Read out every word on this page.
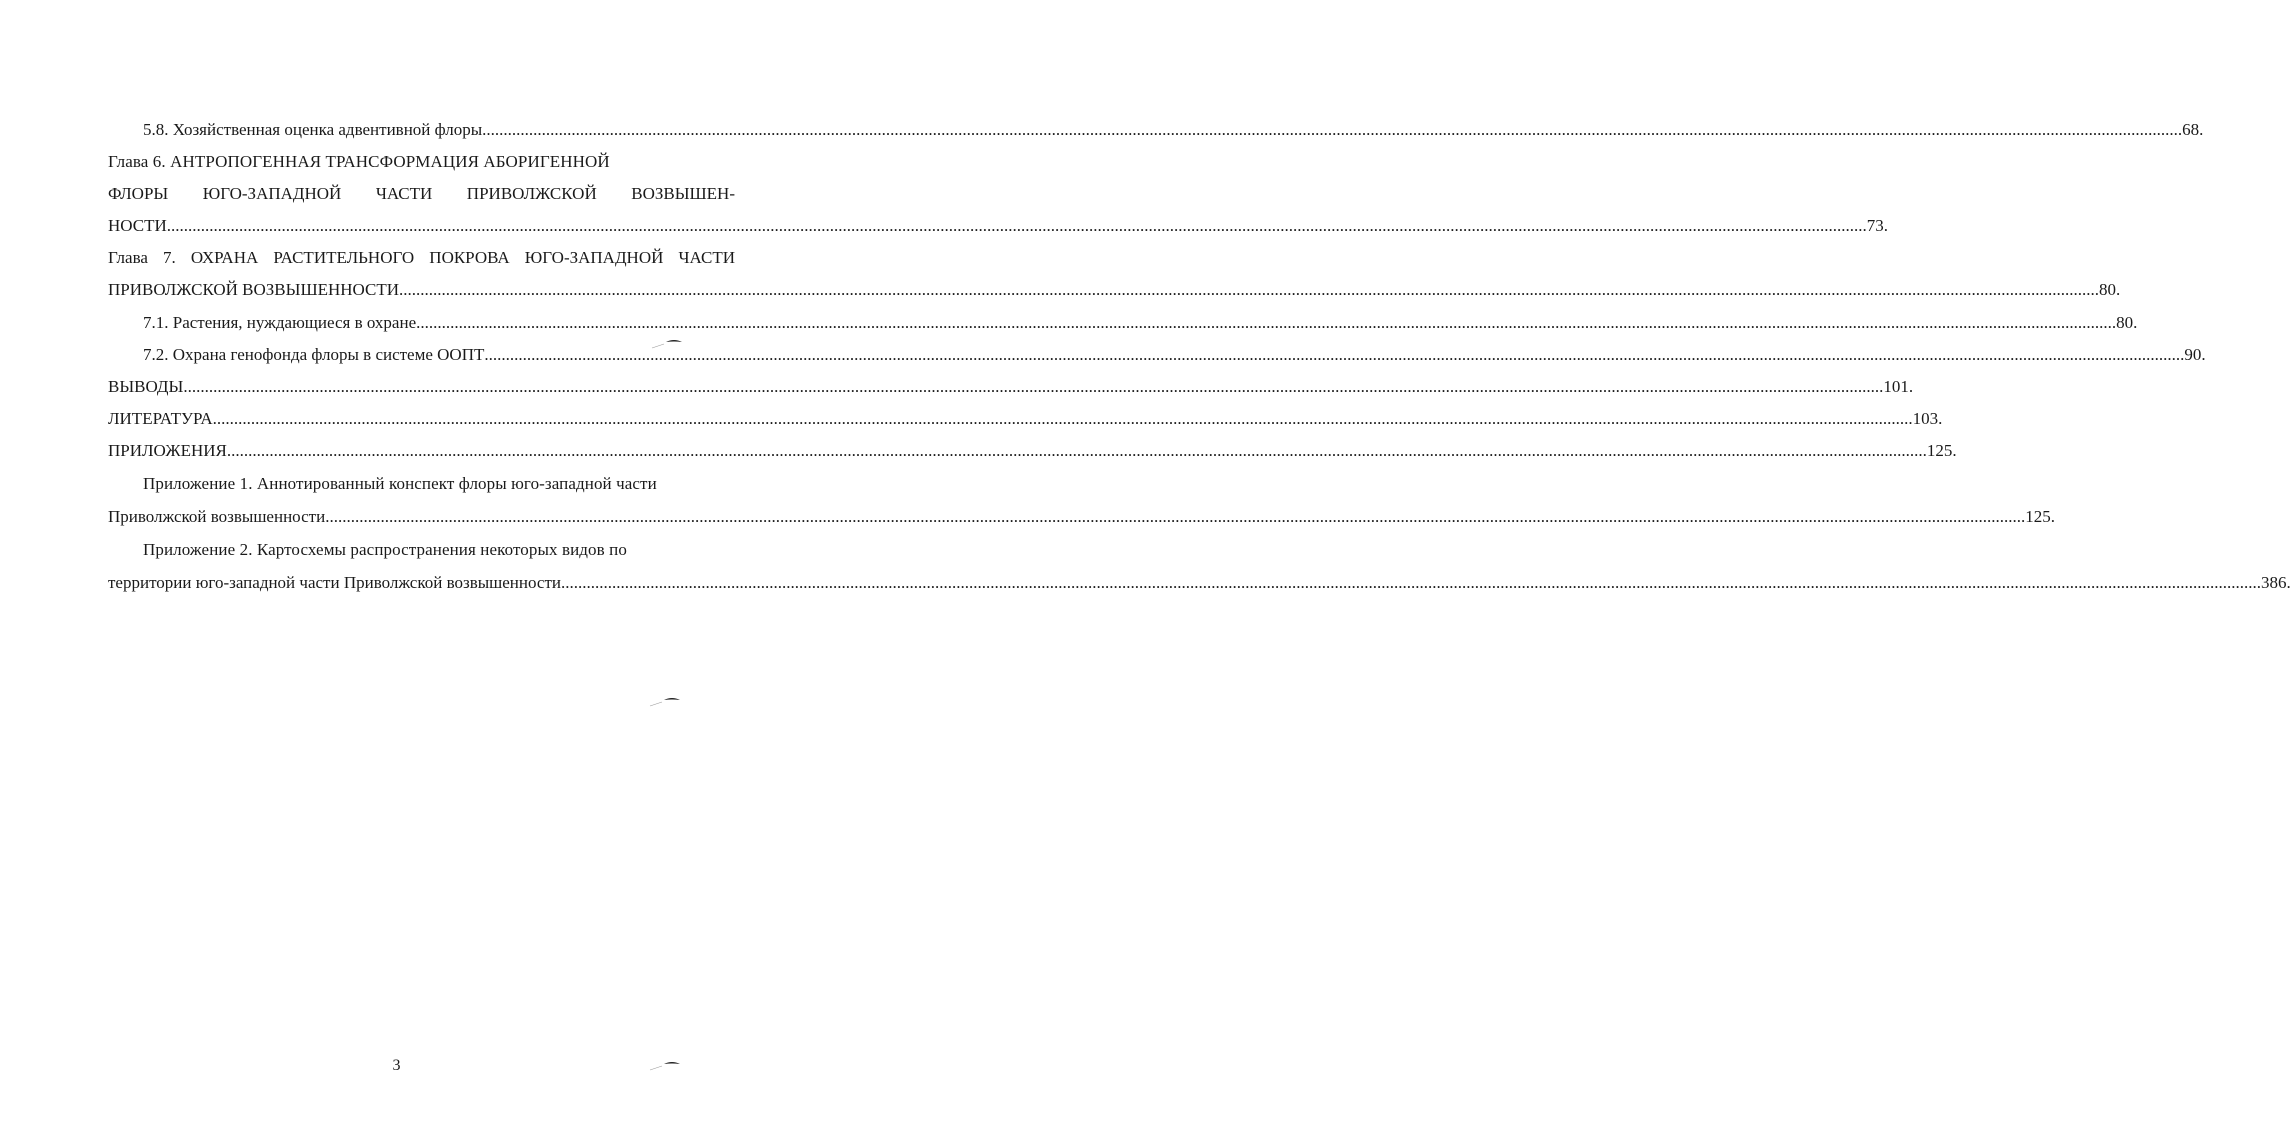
5.8. Хозяйственная оценка адвентивной флоры ................................................................................................................................................................................................................................................................................................................................................................................................................ 68.
Глава 6. АНТРОПОГЕННАЯ ТРАНСФОРМАЦИЯ АБОРИГЕННОЙ
ФЛОРЫ ЮГО-ЗАПАДНОЙ ЧАСТИ ПРИВОЛЖСКОЙ ВОЗВЫШЕН-
НОСТИ ................................................................................................................................................................................................................................................................................................................................................................................................................ 73.
Глава 7. ОХРАНА РАСТИТЕЛЬНОГО ПОКРОВА ЮГО-ЗАПАДНОЙ ЧАСТИ
ПРИВОЛЖСКОЙ ВОЗВЫШЕННОСТИ ................................................................................................................................................................................................................................................................................................................................................................................................................ 80.
7.1. Растения, нуждающиеся в охране ................................................................................................................................................................................................................................................................................................................................................................................................................ 80.
7.2. Охрана генофонда флоры в системе ООПТ ................................................................................................................................................................................................................................................................................................................................................................................................................ 90.
ВЫВОДЫ ................................................................................................................................................................................................................................................................................................................................................................................................................ 101.
ЛИТЕРАТУРА ................................................................................................................................................................................................................................................................................................................................................................................................................ 103.
ПРИЛОЖЕНИЯ ................................................................................................................................................................................................................................................................................................................................................................................................................ 125.
Приложение 1. Аннотированный конспект флоры юго-западной части
Приволжской возвышенности ................................................................................................................................................................................................................................................................................................................................................................................................................ 125.
Приложение 2. Картосхемы распространения некоторых видов по
территории юго-западной части Приволжской возвышенности ................................................................................................................................................................................................................................................................................................................................................................................................................ 386.
3
